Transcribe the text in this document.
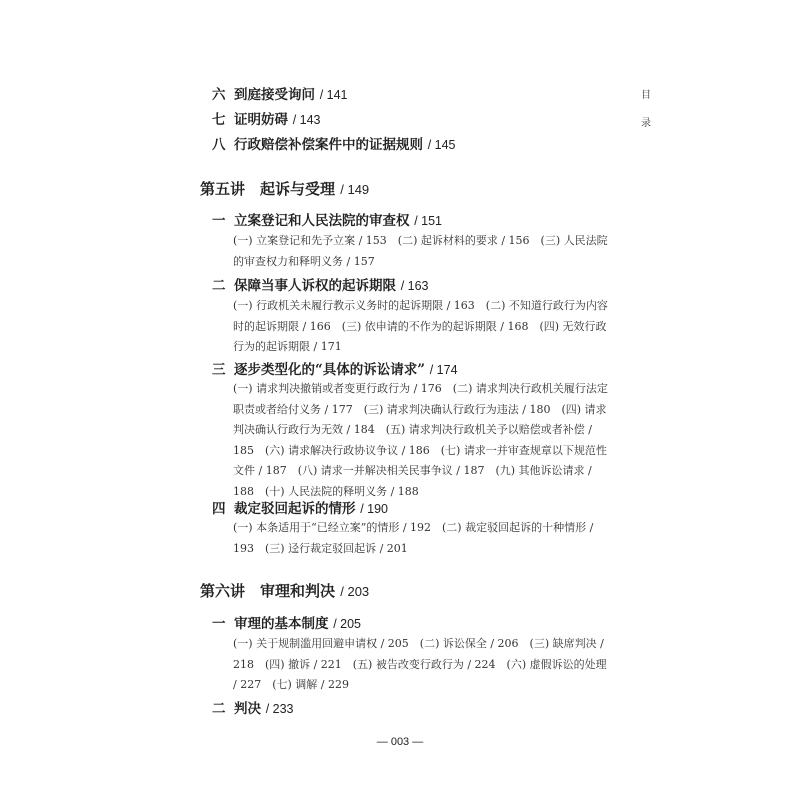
目
录
六 到庭接受询问 / 141
七 证明妨碍 / 143
八 行政赔偿补偿案件中的证据规则 / 145
第五讲　起诉与受理 / 149
一 立案登记和人民法院的审查权 / 151
(一) 立案登记和先予立案 / 153　(二) 起诉材料的要求 / 156　(三) 人民法院的审查权力和释明义务 / 157
二 保障当事人诉权的起诉期限 / 163
(一) 行政机关未履行教示义务时的起诉期限 / 163　(二) 不知道行政行为内容时的起诉期限 / 166　(三) 依申请的不作为的起诉期限 / 168　(四) 无效行政行为的起诉期限 / 171
三 逐步类型化的“具体的诉讼请求” / 174
(一) 请求判决撤销或者变更行政行为 / 176　(二) 请求判决行政机关履行法定职责或者给付义务 / 177　(三) 请求判决确认行政行为违法 / 180　(四) 请求判决确认行政行为无效 / 184　(五) 请求判决行政机关予以赔偿或者补偿 / 185　(六) 请求解决行政协议争议 / 186　(七) 请求一并审查规章以下规范性文件 / 187　(八) 请求一并解决相关民事争议 / 187　(九) 其他诉讼请求 / 188　(十) 人民法院的释明义务 / 188
四 裁定驳回起诉的情形 / 190
(一) 本条适用于“已经立案”的情形 / 192　(二) 裁定驳回起诉的十种情形 / 193　(三) 迳行裁定驳回起诉 / 201
第六讲　审理和判决 / 203
一 审理的基本制度 / 205
(一) 关于规制滥用回避申请权 / 205　(二) 诉讼保全 / 206　(三) 缺席判决 / 218　(四) 撤诉 / 221　(五) 被告改变行政行为 / 224　(六) 虚假诉讼的处理 / 227　(七) 调解 / 229
二 判决 / 233
— 003 —
